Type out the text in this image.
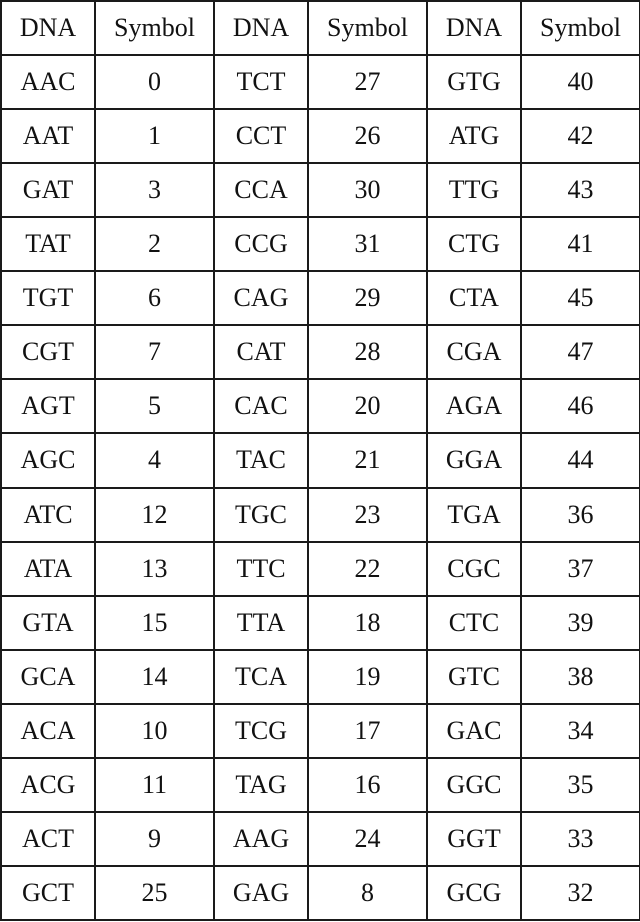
DNA	Symbol	DNA	Symbol	DNA	Symbol
AAC	0	TCT	27	GTG	40
AAT	1	CCT	26	ATG	42
GAT	3	CCA	30	TTG	43
TAT	2	CCG	31	CTG	41
TGT	6	CAG	29	CTA	45
CGT	7	CAT	28	CGA	47
AGT	5	CAC	20	AGA	46
AGC	4	TAC	21	GGA	44
ATC	12	TGC	23	TGA	36
ATA	13	TTC	22	CGC	37
GTA	15	TTA	18	CTC	39
GCA	14	TCA	19	GTC	38
ACA	10	TCG	17	GAC	34
ACG	11	TAG	16	GGC	35
ACT	9	AAG	24	GGT	33
GCT	25	GAG	8	GCG	32
